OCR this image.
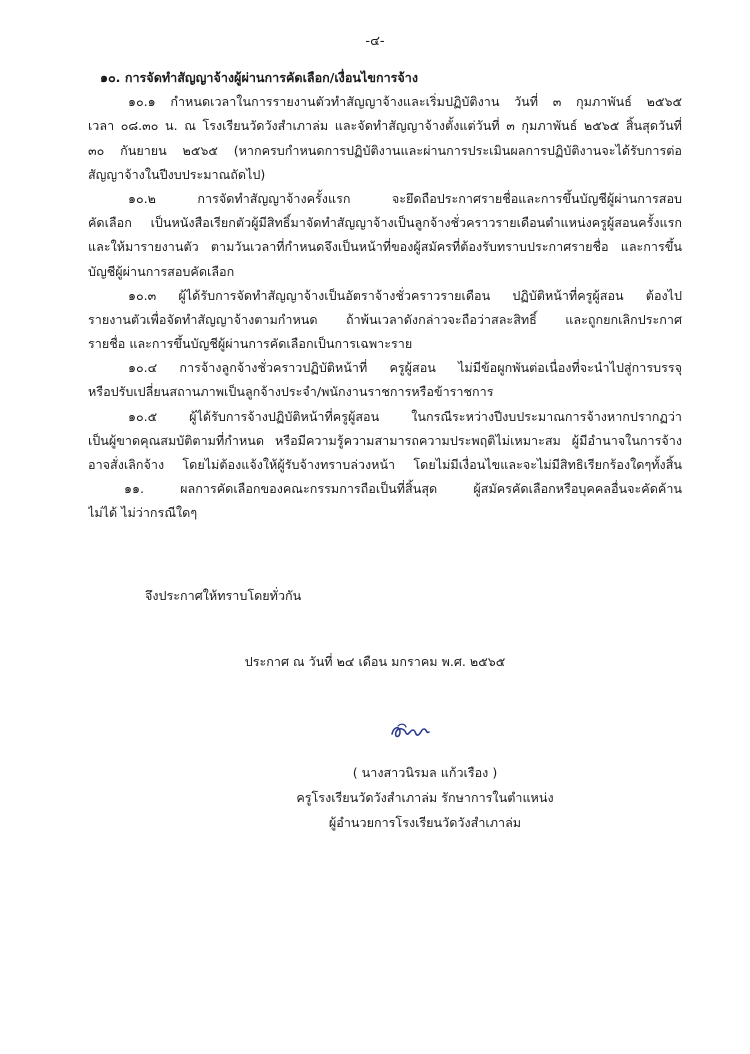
-๔-
๑๐. การจัดทำสัญญาจ้างผู้ผ่านการคัดเลือก/เงื่อนไขการจ้าง
๑๐.๑ กำหนดเวลาในการรายงานตัวทำสัญญาจ้างและเริ่มปฏิบัติงาน วันที่ ๓ กุมภาพันธ์ ๒๕๖๕
เวลา ๐๘.๓๐ น. ณ โรงเรียนวัดวังสำเภาล่ม และจัดทำสัญญาจ้างตั้งแต่วันที่ ๓ กุมภาพันธ์ ๒๕๖๕ สิ้นสุดวันที่
๓๐ กันยายน ๒๕๖๕ (หากครบกำหนดการปฏิบัติงานและผ่านการประเมินผลการปฏิบัติงานจะได้รับการต่อ
สัญญาจ้างในปีงบประมาณถัดไป)
๑๐.๒ การจัดทำสัญญาจ้างครั้งแรก จะยึดถือประกาศรายชื่อและการขึ้นบัญชีผู้ผ่านการสอบ
คัดเลือก เป็นหนังสือเรียกตัวผู้มีสิทธิ์มาจัดทำสัญญาจ้างเป็นลูกจ้างชั่วคราวรายเดือนตำแหน่งครูผู้สอนครั้งแรก
และให้มารายงานตัว ตามวันเวลาที่กำหนดจึงเป็นหน้าที่ของผู้สมัครที่ต้องรับทราบประกาศรายชื่อ และการขึ้น
บัญชีผู้ผ่านการสอบคัดเลือก
๑๐.๓ ผู้ได้รับการจัดทำสัญญาจ้างเป็นอัตราจ้างชั่วคราวรายเดือน ปฏิบัติหน้าที่ครูผู้สอน ต้องไป
รายงานตัวเพื่อจัดทำสัญญาจ้างตามกำหนด ถ้าพ้นเวลาดังกล่าวจะถือว่าสละสิทธิ์ และถูกยกเลิกประกาศ
รายชื่อ และการขึ้นบัญชีผู้ผ่านการคัดเลือกเป็นการเฉพาะราย
๑๐.๔ การจ้างลูกจ้างชั่วคราวปฏิบัติหน้าที่ ครูผู้สอน ไม่มีข้อผูกพันต่อเนื่องที่จะนำไปสู่การบรรจุ
หรือปรับเปลี่ยนสถานภาพเป็นลูกจ้างประจำ/พนักงานราชการหรือข้าราชการ
๑๐.๕ ผู้ได้รับการจ้างปฏิบัติหน้าที่ครูผู้สอน ในกรณีระหว่างปีงบประมาณการจ้างหากปรากฏว่า
เป็นผู้ขาดคุณสมบัติตามที่กำหนด หรือมีความรู้ความสามารถความประพฤติไม่เหมาะสม ผู้มีอำนาจในการจ้าง
อาจสั่งเลิกจ้าง โดยไม่ต้องแจ้งให้ผู้รับจ้างทราบล่วงหน้า โดยไม่มีเงื่อนไขและจะไม่มีสิทธิเรียกร้องใดๆทั้งสิ้น
๑๑. ผลการคัดเลือกของคณะกรรมการถือเป็นที่สิ้นสุด ผู้สมัครคัดเลือกหรือบุคคลอื่นจะคัดค้าน
ไม่ได้ ไม่ว่ากรณีใดๆ
จึงประกาศให้ทราบโดยทั่วกัน
ประกาศ ณ วันที่ ๒๔ เดือน มกราคม พ.ศ. ๒๕๖๕
( นางสาวนิรมล แก้วเรือง )
ครูโรงเรียนวัดวังสำเภาล่ม รักษาการในตำแหน่ง
ผู้อำนวยการโรงเรียนวัดวังสำเภาล่ม
